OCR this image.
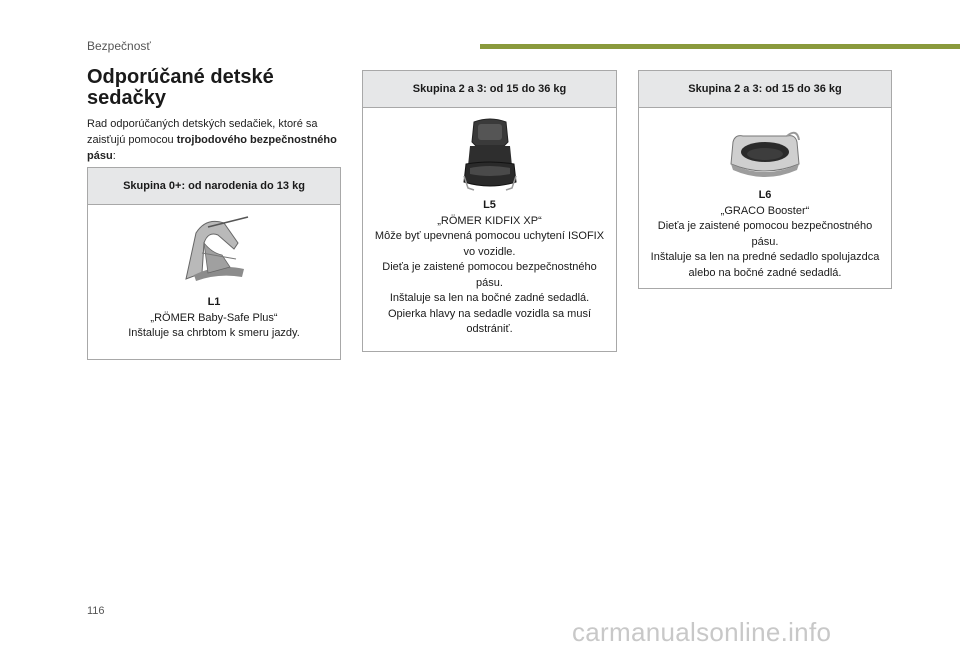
Bezpečnosť
Odporúčané detské sedačky

Rad odporúčaných detských sedačiek, ktoré sa zaisťujú pomocou trojbodového bezpečnostného pásu:

Skupina 0+: od narodenia do 13 kg
L1
„RÖMER Baby-Safe Plus“
Inštaluje sa chrbtom k smeru jazdy.
Skupina 2 a 3: od 15 do 36 kg
L5
„RÖMER KIDFIX XP“
Môže byť upevnená pomocou uchytení ISOFIX vo vozidle.
Dieťa je zaistené pomocou bezpečnostného pásu.
Inštaluje sa len na bočné zadné sedadlá.
Opierka hlavy na sedadle vozidla sa musí odstrániť.
Skupina 2 a 3: od 15 do 36 kg
L6
„GRACO Booster“
Dieťa je zaistené pomocou bezpečnostného pásu.
Inštaluje sa len na predné sedadlo spolujazdca alebo na bočné zadné sedadlá.
116
carmanualsonline.info
